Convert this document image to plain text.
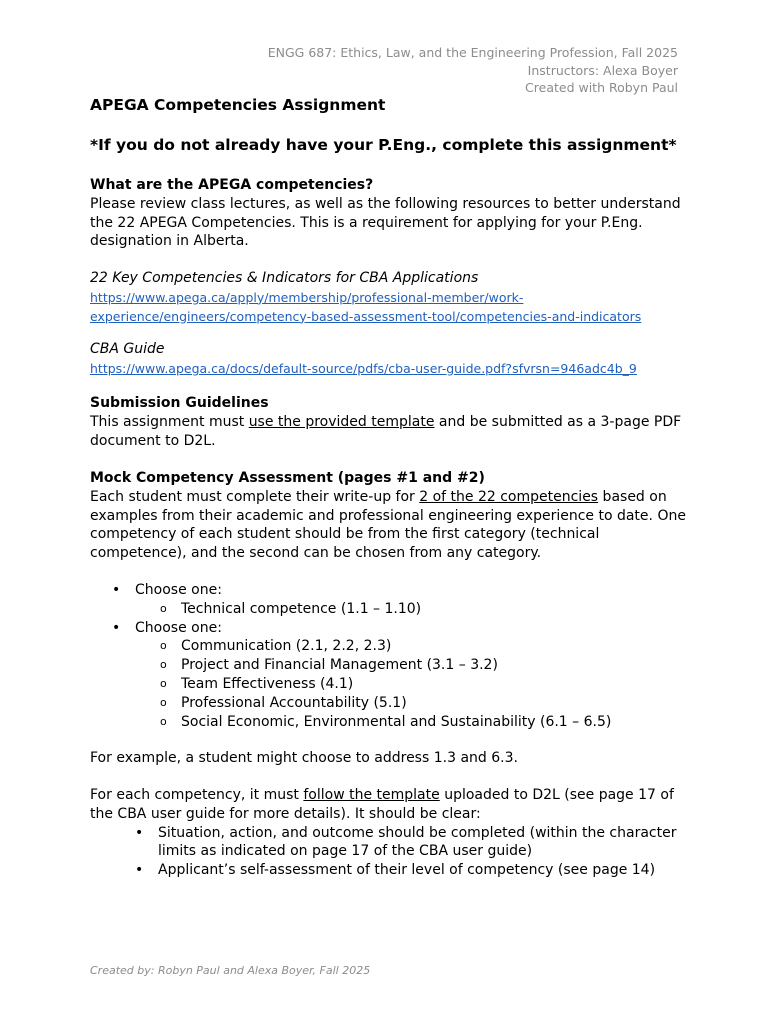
ENGG 687: Ethics, Law, and the Engineering Profession, Fall 2025
Instructors: Alexa Boyer
Created with Robyn Paul
APEGA Competencies Assignment
*If you do not already have your P.Eng., complete this assignment*
What are the APEGA competencies?
Please review class lectures, as well as the following resources to better understand the 22 APEGA Competencies. This is a requirement for applying for your P.Eng. designation in Alberta.
22 Key Competencies & Indicators for CBA Applications
https://www.apega.ca/apply/membership/professional-member/work-
experience/engineers/competency-based-assessment-tool/competencies-and-indicators
CBA Guide
https://www.apega.ca/docs/default-source/pdfs/cba-user-guide.pdf?sfvrsn=946adc4b_9
Submission Guidelines
This assignment must use the provided template and be submitted as a 3-page PDF document to D2L.
Mock Competency Assessment (pages #1 and #2)
Each student must complete their write-up for 2 of the 22 competencies based on examples from their academic and professional engineering experience to date. One competency of each student should be from the first category (technical competence), and the second can be chosen from any category.
• Choose one:
o Technical competence (1.1 – 1.10)
• Choose one:
o Communication (2.1, 2.2, 2.3)
o Project and Financial Management (3.1 – 3.2)
o Team Effectiveness (4.1)
o Professional Accountability (5.1)
o Social Economic, Environmental and Sustainability (6.1 – 6.5)
For example, a student might choose to address 1.3 and 6.3.
For each competency, it must follow the template uploaded to D2L (see page 17 of the CBA user guide for more details). It should be clear:
• Situation, action, and outcome should be completed (within the character limits as indicated on page 17 of the CBA user guide)
• Applicant’s self-assessment of their level of competency (see page 14)
Created by: Robyn Paul and Alexa Boyer, Fall 2025
